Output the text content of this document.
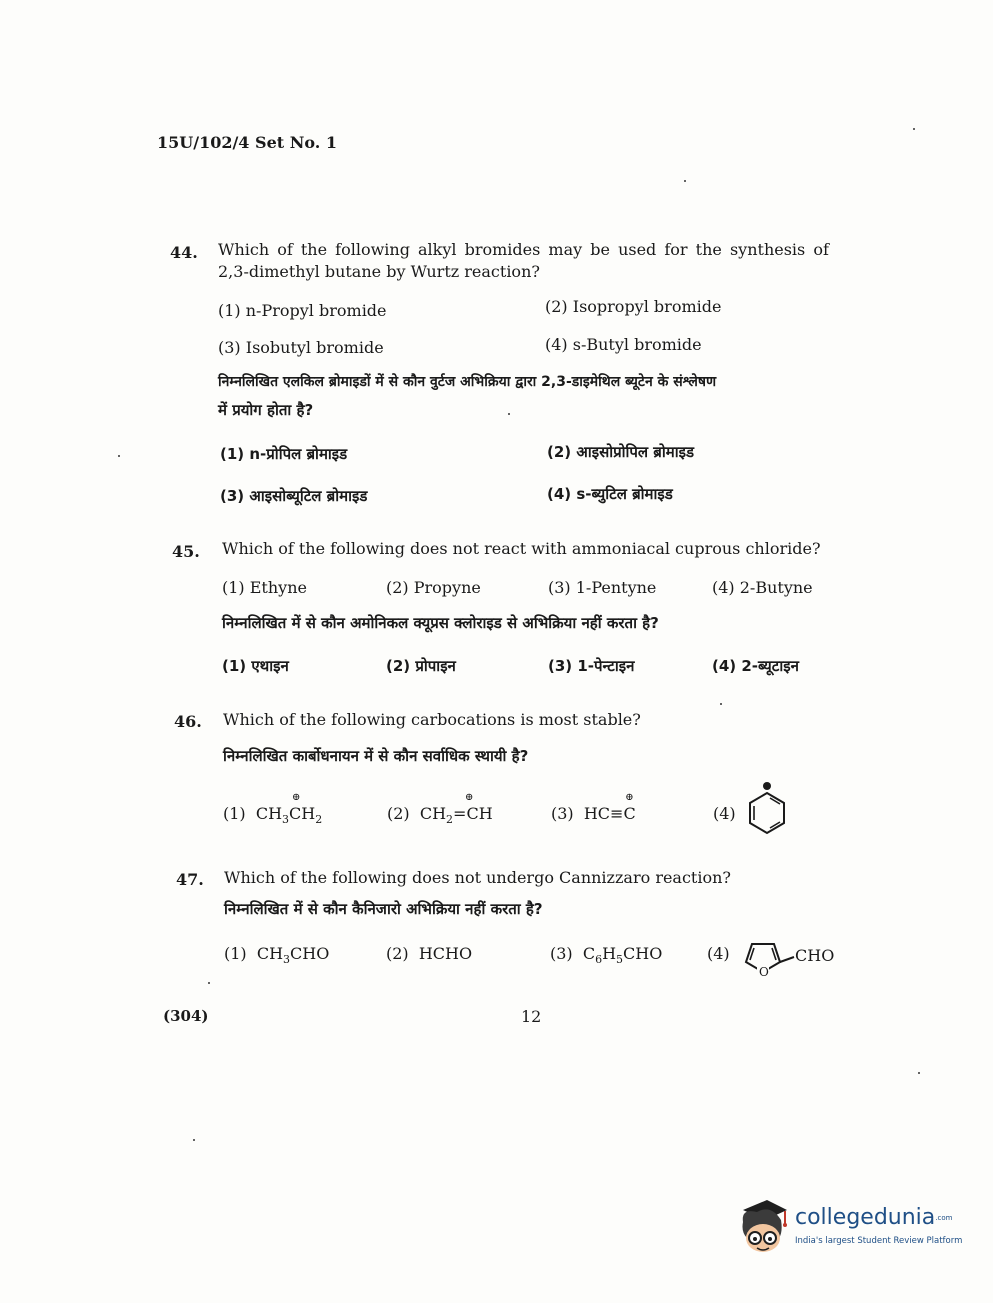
15U/102/4 Set No. 1
44. Which of the following alkyl bromides may be used for the synthesis of
2,3-dimethyl butane by Wurtz reaction?
(1) n-Propyl bromide	(2) Isopropyl bromide
(3) Isobutyl bromide	(4) s-Butyl bromide
निम्नलिखित एलकिल ब्रोमाइडों में से कौन वुर्टज अभिक्रिया द्वारा 2,3-डाइमेथिल ब्यूटेन के संश्लेषण
में प्रयोग होता है?
(1) n-प्रोपिल ब्रोमाइड	(2) आइसोप्रोपिल ब्रोमाइड
(3) आइसोब्यूटिल ब्रोमाइड	(4) s-ब्युटिल ब्रोमाइड
45. Which of the following does not react with ammoniacal cuprous chloride?
(1) Ethyne	(2) Propyne	(3) 1-Pentyne	(4) 2-Butyne
निम्नलिखित में से कौन अमोनिकल क्यूप्रस क्लोराइड से अभिक्रिया नहीं करता है?
(1) एथाइन	(2) प्रोपाइन	(3) 1-पेन्टाइन	(4) 2-ब्यूटाइन
46. Which of the following carbocations is most stable?
निम्नलिखित कार्बोधनायन में से कौन सर्वाधिक स्थायी है?
(1) $CH_3$
⊕
$CH_2$	(2) $CH_2$
⊕
=CH	(3)
⊕
HC≡C	(4)
47. Which of the following does not undergo Cannizzaro reaction?
निम्नलिखित में से कौन कैनिजारो अभिक्रिया नहीं करता है?
(1) $CH_3CHO$	(2) HCHO	(3) $C_6H_5CHO$	(4)
O
CHO
(304)	12
collegedunia.com
India's largest Student Review Platform
